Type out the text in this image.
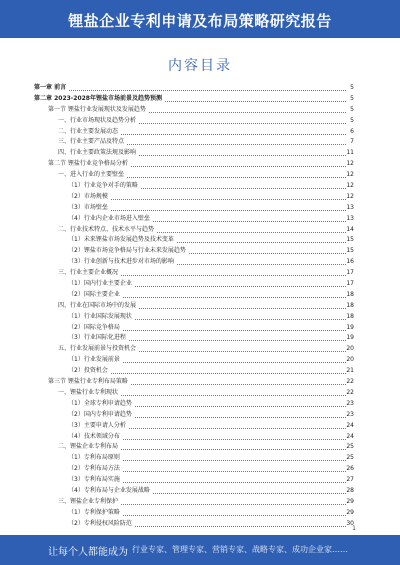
锂盐企业专利申请及布局策略研究报告
内容目录
第一章 前言	5
第二章 2023-2028年锂盐市场前景及趋势预测	5
第一节 锂盐行业发展现状及发展趋势	5
一、行业市场现状及趋势分析	5
二、行业主要发展动态	6
三、行业主要产品及特点	7
四、行业主要政策法规及影响	11
第二节 锂盐行业竞争格局分析	12
一、进入行业的主要壁垒	12
（1）行业竞争对手的策略	12
（2）市场规模	12
（3）市场壁垒	13
（4）行业内企业市场进入壁垒	13
二、行业技术特点、技术水平与趋势	14
（1）未来锂盐市场发展趋势及技术变革	15
（2）锂盐市场竞争格局与行业未来发展趋势	15
（3）行业创新与技术进步对市场的影响	16
三、行业主要企业概况	17
（1）国内行业主要企业	17
（2）国际主要企业	18
四、行业在国际市场中的发展	18
（1）行业国际发展现状	18
（2）国际竞争格局	19
（3）行业国际化进程	19
五、行业发展前景与投资机会	20
（1）行业发展前景	20
（2）投资机会	21
第三节 锂盐行业专利布局策略	22
一、锂盐行业专利现状	22
（1）全球专利申请趋势	23
（2）国内专利申请趋势	23
（3）主要申请人分析	24
（4）技术领域分布	24
二、锂盐企业专利布局	25
（1）专利布局原则	25
（2）专利布局方法	26
（3）专利布局实施	27
（4）专利布局与企业发展战略	28
三、锂盐企业专利保护	29
（1）专利保护策略	29
（2）专利侵权风险防范	30
1
让每个人都能成为 行业专家、管理专家、营销专家、战略专家、成功企业家……
